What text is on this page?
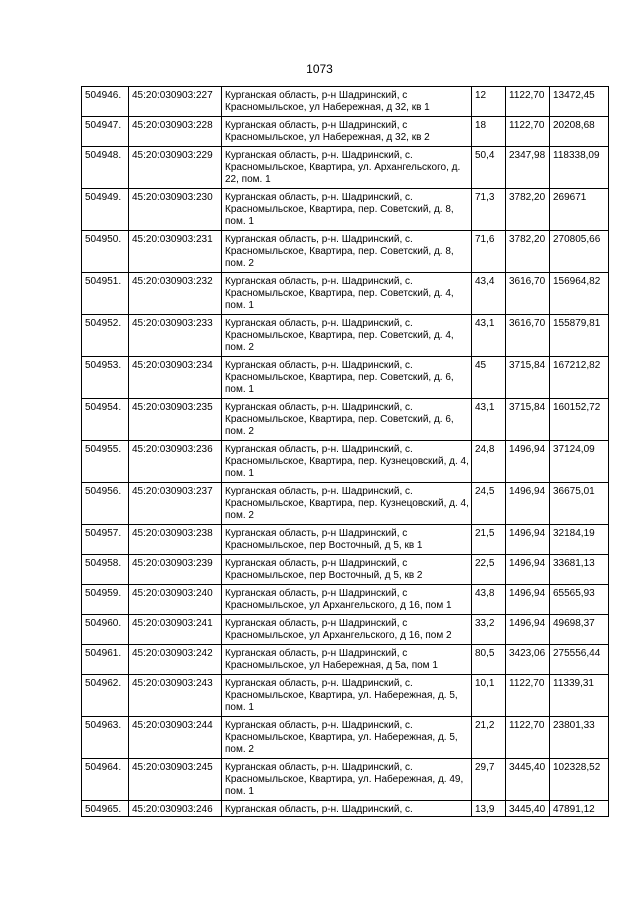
1073
504946.	45:20:030903:227	Курганская область, р-н Шадринский, с Красномыльское, ул Набережная, д 32, кв 1	12	1122,70	13472,45
504947.	45:20:030903:228	Курганская область, р-н Шадринский, с Красномыльское, ул Набережная, д 32, кв 2	18	1122,70	20208,68
504948.	45:20:030903:229	Курганская область, р-н. Шадринский, с. Красномыльское, Квартира, ул. Архангельского, д. 22, пом. 1	50,4	2347,98	118338,09
504949.	45:20:030903:230	Курганская область, р-н. Шадринский, с. Красномыльское, Квартира, пер. Советский, д. 8, пом. 1	71,3	3782,20	269671
504950.	45:20:030903:231	Курганская область, р-н. Шадринский, с. Красномыльское, Квартира, пер. Советский, д. 8, пом. 2	71,6	3782,20	270805,66
504951.	45:20:030903:232	Курганская область, р-н. Шадринский, с. Красномыльское, Квартира, пер. Советский, д. 4, пом. 1	43,4	3616,70	156964,82
504952.	45:20:030903:233	Курганская область, р-н. Шадринский, с. Красномыльское, Квартира, пер. Советский, д. 4, пом. 2	43,1	3616,70	155879,81
504953.	45:20:030903:234	Курганская область, р-н. Шадринский, с. Красномыльское, Квартира, пер. Советский, д. 6, пом. 1	45	3715,84	167212,82
504954.	45:20:030903:235	Курганская область, р-н. Шадринский, с. Красномыльское, Квартира, пер. Советский, д. 6, пом. 2	43,1	3715,84	160152,72
504955.	45:20:030903:236	Курганская область, р-н. Шадринский, с. Красномыльское, Квартира, пер. Кузнецовский, д. 4, пом. 1	24,8	1496,94	37124,09
504956.	45:20:030903:237	Курганская область, р-н. Шадринский, с. Красномыльское, Квартира, пер. Кузнецовский, д. 4, пом. 2	24,5	1496,94	36675,01
504957.	45:20:030903:238	Курганская область, р-н Шадринский, с Красномыльское, пер Восточный, д 5, кв 1	21,5	1496,94	32184,19
504958.	45:20:030903:239	Курганская область, р-н Шадринский, с Красномыльское, пер Восточный, д 5, кв 2	22,5	1496,94	33681,13
504959.	45:20:030903:240	Курганская область, р-н Шадринский, с Красномыльское, ул Архангельского, д 16, пом 1	43,8	1496,94	65565,93
504960.	45:20:030903:241	Курганская область, р-н Шадринский, с Красномыльское, ул Архангельского, д 16, пом 2	33,2	1496,94	49698,37
504961.	45:20:030903:242	Курганская область, р-н Шадринский, с Красномыльское, ул Набережная, д 5а, пом 1	80,5	3423,06	275556,44
504962.	45:20:030903:243	Курганская область, р-н. Шадринский, с. Красномыльское, Квартира, ул. Набережная, д. 5, пом. 1	10,1	1122,70	11339,31
504963.	45:20:030903:244	Курганская область, р-н. Шадринский, с. Красномыльское, Квартира, ул. Набережная, д. 5, пом. 2	21,2	1122,70	23801,33
504964.	45:20:030903:245	Курганская область, р-н. Шадринский, с. Красномыльское, Квартира, ул. Набережная, д. 49, пом. 1	29,7	3445,40	102328,52
504965.	45:20:030903:246	Курганская область, р-н. Шадринский, с.	13,9	3445,40	47891,12
